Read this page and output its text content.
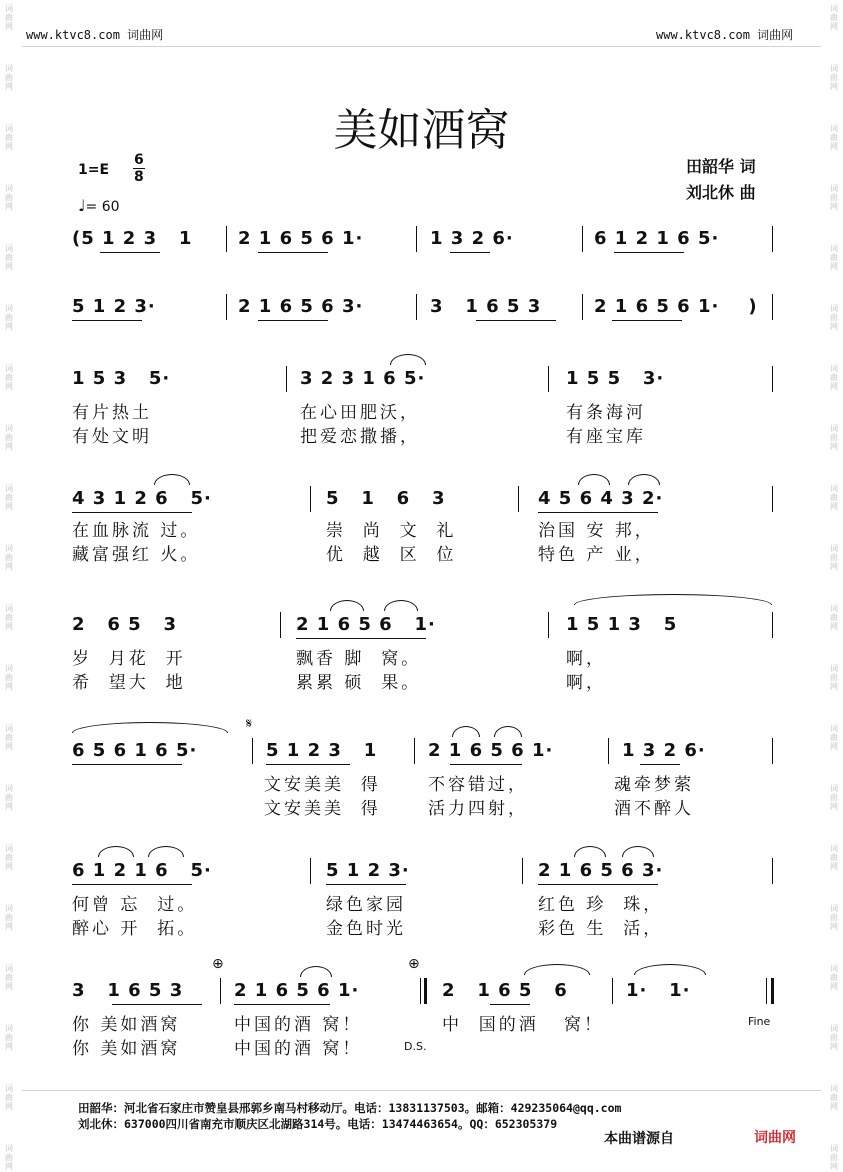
词
曲
网
词
曲
网
词
曲
网
词
曲
网
词
曲
网
词
曲
网
词
曲
网
词
曲
网
词
曲
网
词
曲
网
词
曲
网
词
曲
网
词
曲
网
词
曲
网
词
曲
网
词
曲
网
词
曲
网
词
曲
网
词
曲
网
词
曲
网
词
曲
网
词
曲
网
词
曲
网
词
曲
网
词
曲
网
词
曲
网
词
曲
网
词
曲
网
词
曲
网
词
曲
网
词
曲
网
词
曲
网
词
曲
网
词
曲
网
词
曲
网
词
曲
网
词
曲
网
词
曲
网
词
曲
网
词
曲
网
www.ktvc8.com 词曲网	www.ktvc8.com 词曲网
美如酒窝
$1=E \frac{6}{8}$
♩= 60
田韶华 词
刘北休 曲
(5 1 2 3   1	2 1 6 5 6 1·	1 3 2 6·	6 1 2 1 6 5·
5 1 2 3·	2 1 6 5 6 3·	3   1 6 5 3	2 1 6 5 6 1·    )
1 5 3   5·	3 2 3 1 6 5·	1 5 5   3·
有片热土	在心田肥沃，	有条海河
有处文明	把爱恋撒播，	有座宝库
4 3 1 2 6   5·	5   1   6   3	4 5 6 4 3 2·
在血脉流 过。	崇  尚  文  礼	治国 安 邦，
藏富强红 火。	优  越  区  位	特色 产 业，
2   6 5   3	2 1 6 5 6   1·	1 5 1 3   5
岁  月花  开	飘香 脚  窝。	啊，
希  望大  地	累累 硕  果。	啊，
𝄋
6 5 6 1 6 5·	5 1 2 3   1	2 1 6 5 6 1·	1 3 2 6·
文安美美  得	不容错过，	魂牵梦萦
文安美美  得	活力四射，	酒不醉人
6 1 2 1 6   5·	5 1 2 3·	2 1 6 5 6 3·
何曾 忘  过。	绿色家园	红色 珍  珠，
醉心 开  拓。	金色时光	彩色 生  活，
⊕	⊕
3   1 6 5 3	2 1 6 5 6 1·	2   1 6 5   6	1·   1·
Fine
你 美如酒窝	中国的酒 窝！	中  国的酒   窝！
你 美如酒窝	中国的酒 窝！	D.S.
田韶华：河北省石家庄市赞皇县邢郭乡南马村移动厅。电话：13831137503。邮箱：429235064@qq.com
刘北休：637000四川省南充市顺庆区北湖路314号。电话：13474463654。QQ：652305379
本曲谱源自	词曲网
